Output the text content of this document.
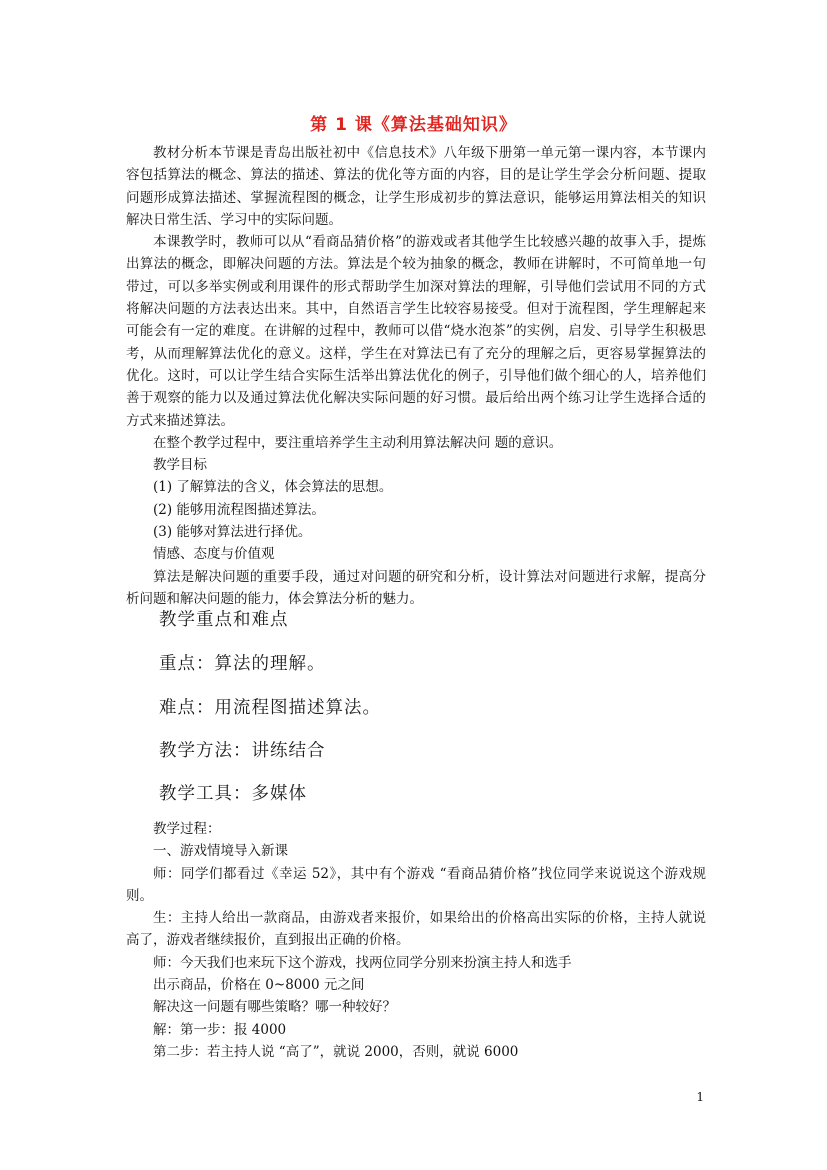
第 1 课《算法基础知识》

教材分析本节课是青岛出版社初中《信息技术》八年级下册第一单元第一课内容，本节课内容包括算法的概念、算法的描述、算法的优化等方面的内容，目的是让学生学会分析问题、提取问题形成算法描述、掌握流程图的概念，让学生形成初步的算法意识，能够运用算法相关的知识解决日常生活、学习中的实际问题。

本课教学时，教师可以从“看商品猜价格”的游戏或者其他学生比较感兴趣的故事入手，提炼出算法的概念，即解决问题的方法。算法是个较为抽象的概念，教师在讲解时，不可简单地一句带过，可以多举实例或利用课件的形式帮助学生加深对算法的理解，引导他们尝试用不同的方式将解决问题的方法表达出来。其中，自然语言学生比较容易接受。但对于流程图，学生理解起来可能会有一定的难度。在讲解的过程中，教师可以借“烧水泡茶”的实例，启发、引导学生积极思考，从而理解算法优化的意义。这样，学生在对算法已有了充分的理解之后，更容易掌握算法的优化。这时，可以让学生结合实际生活举出算法优化的例子，引导他们做个细心的人，培养他们善于观察的能力以及通过算法优化解决实际问题的好习惯。最后给出两个练习让学生选择合适的方式来描述算法。

在整个教学过程中，要注重培养学生主动利用算法解决问 题的意识。

教学目标

(1) 了解算法的含义，体会算法的思想。

(2) 能够用流程图描述算法。

(3) 能够对算法进行择优。

情感、态度与价值观

算法是解决问题的重要手段，通过对问题的研究和分析，设计算法对问题进行求解，提高分析问题和解决问题的能力，体会算法分析的魅力。

教学重点和难点
重点：算法的理解。
难点：用流程图描述算法。
教学方法：讲练结合
教学工具：多媒体

教学过程：

一、游戏情境导入新课

师：同学们都看过《幸运 52》，其中有个游戏 “看商品猜价格”找位同学来说说这个游戏规则。

生：主持人给出一款商品，由游戏者来报价，如果给出的价格高出实际的价格，主持人就说高了，游戏者继续报价，直到报出正确的价格。

师：今天我们也来玩下这个游戏，找两位同学分别来扮演主持人和选手

出示商品，价格在 0~8000 元之间

解决这一问题有哪些策略？哪一种较好？

解：第一步：报 4000

第二步：若主持人说 “高了”，就说 2000，否则，就说 6000

1
